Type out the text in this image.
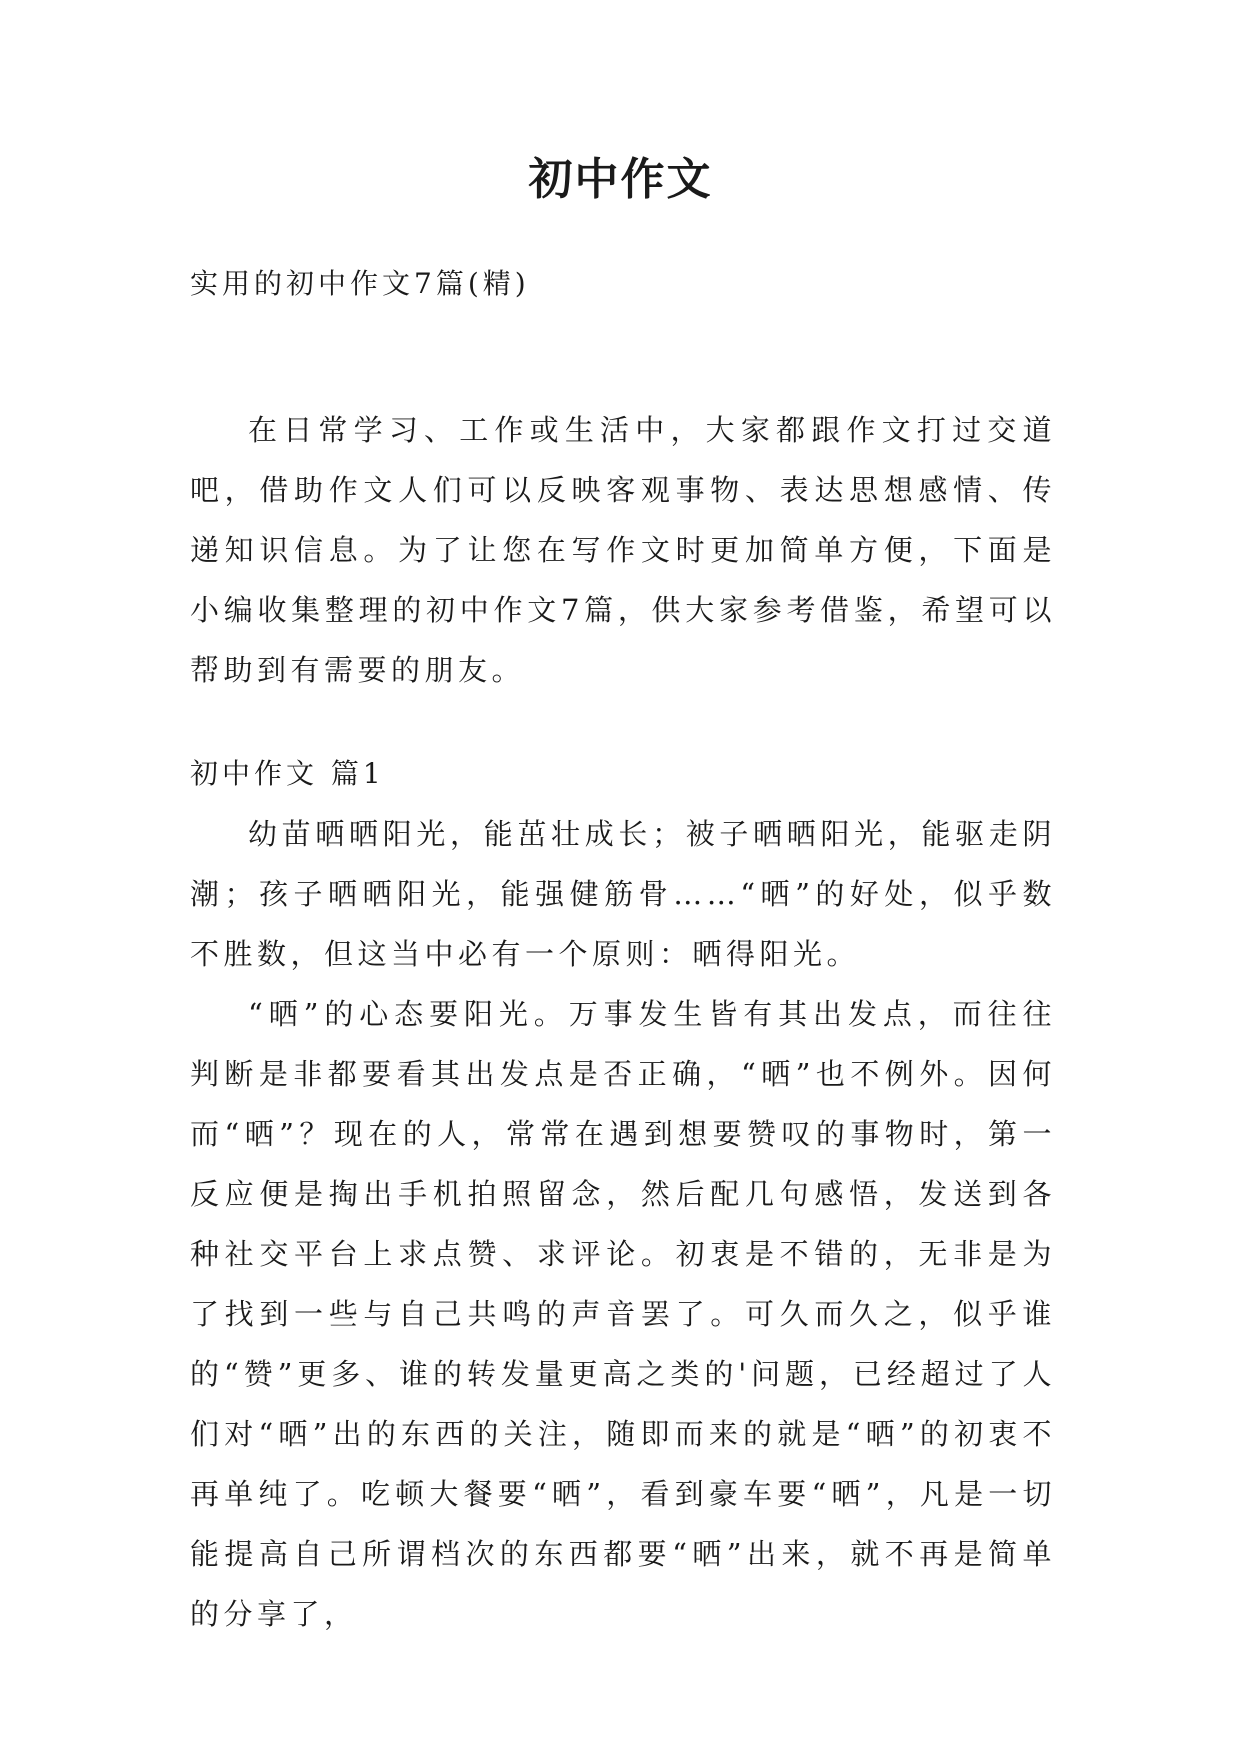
初中作文
实用的初中作文7篇(精)

在日常学习、工作或生活中，大家都跟作文打过交道吧，借助作文人们可以反映客观事物、表达思想感情、传递知识信息。为了让您在写作文时更加简单方便，下面是小编收集整理的初中作文7篇，供大家参考借鉴，希望可以帮助到有需要的朋友。

初中作文 篇1

幼苗晒晒阳光，能茁壮成长；被子晒晒阳光，能驱走阴潮；孩子晒晒阳光，能强健筋骨……“晒”的好处，似乎数不胜数，但这当中必有一个原则：晒得阳光。

“晒”的心态要阳光。万事发生皆有其出发点，而往往判断是非都要看其出发点是否正确，“晒”也不例外。因何而“晒”？现在的人，常常在遇到想要赞叹的事物时，第一反应便是掏出手机拍照留念，然后配几句感悟，发送到各种社交平台上求点赞、求评论。初衷是不错的，无非是为了找到一些与自己共鸣的声音罢了。可久而久之，似乎谁的“赞”更多、谁的转发量更高之类的'问题，已经超过了人们对“晒”出的东西的关注，随即而来的就是“晒”的初衷不再单纯了。吃顿大餐要“晒”，看到豪车要“晒”，凡是一切能提高自己所谓档次的东西都要“晒”出来，就不再是简单的分享了，
